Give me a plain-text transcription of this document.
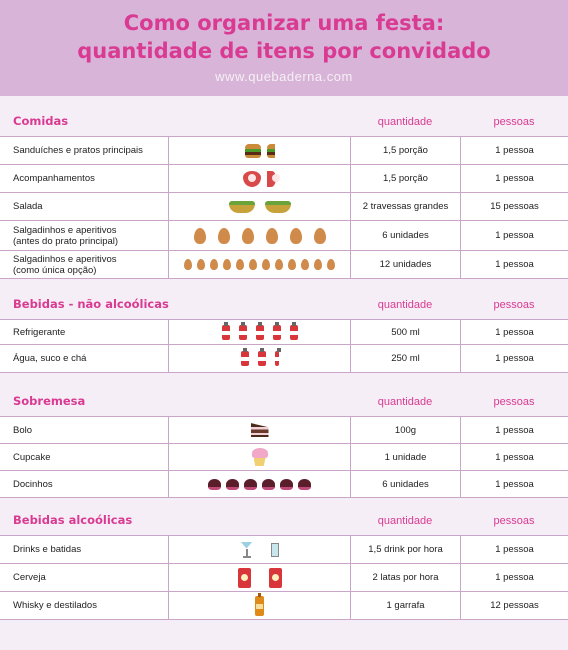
Como organizar uma festa:
quantidade de itens por convidado
www.quebaderna.com
Comidas	quantidade	pessoas
Sanduíches e pratos principais	1,5 porção	1 pessoa
Acompanhamentos	1,5 porção	1 pessoa
Salada	2 travessas grandes	15 pessoas
Salgadinhos e aperitivos
(antes do prato principal)	6 unidades	1 pessoa
Salgadinhos e aperitivos
(como única opção)	12 unidades	1 pessoa
Bebidas - não alcoólicas	quantidade	pessoas
Refrigerante	500 ml	1 pessoa
Água, suco e chá	250 ml	1 pessoa
Sobremesa	quantidade	pessoas
Bolo	100g	1 pessoa
Cupcake	1 unidade	1 pessoa
Docinhos	6 unidades	1 pessoa
Bebidas alcoólicas	quantidade	pessoas
Drinks e batidas	1,5 drink por hora	1 pessoa
Cerveja	2 latas por hora	1 pessoa
Whisky e destilados	1 garrafa	12 pessoas
